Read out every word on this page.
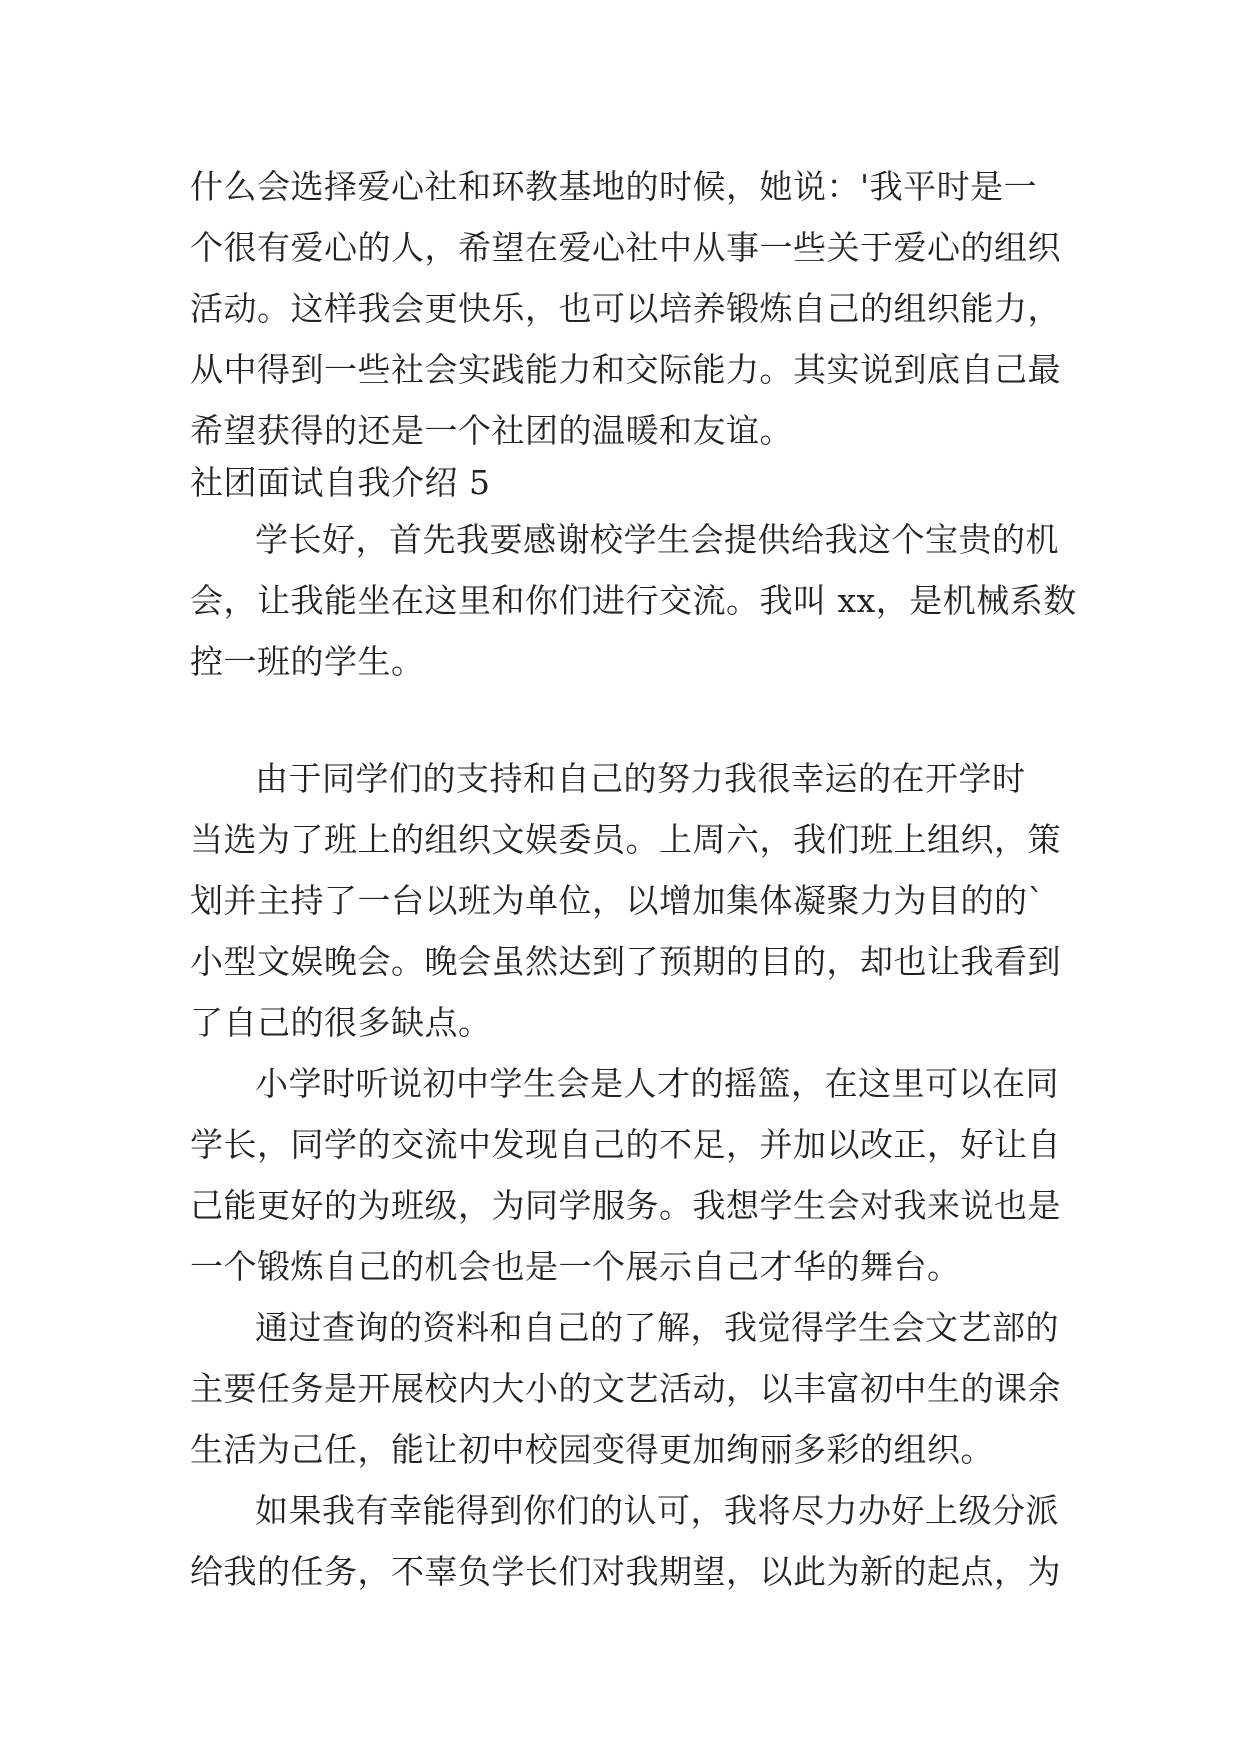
什么会选择爱心社和环教基地的时候，她说：'我平时是一
个很有爱心的人，希望在爱心社中从事一些关于爱心的组织
活动。这样我会更快乐，也可以培养锻炼自己的组织能力，
从中得到一些社会实践能力和交际能力。其实说到底自己最
希望获得的还是一个社团的温暖和友谊。
社团面试自我介绍 5
学长好，首先我要感谢校学生会提供给我这个宝贵的机
会，让我能坐在这里和你们进行交流。我叫 xx，是机械系数
控一班的学生。
由于同学们的支持和自己的努力我很幸运的在开学时
当选为了班上的组织文娱委员。上周六，我们班上组织，策
划并主持了一台以班为单位，以增加集体凝聚力为目的的`
小型文娱晚会。晚会虽然达到了预期的目的，却也让我看到
了自己的很多缺点。
小学时听说初中学生会是人才的摇篮，在这里可以在同
学长，同学的交流中发现自己的不足，并加以改正，好让自
己能更好的为班级，为同学服务。我想学生会对我来说也是
一个锻炼自己的机会也是一个展示自己才华的舞台。
通过查询的资料和自己的了解，我觉得学生会文艺部的
主要任务是开展校内大小的文艺活动，以丰富初中生的课余
生活为己任，能让初中校园变得更加绚丽多彩的组织。
如果我有幸能得到你们的认可，我将尽力办好上级分派
给我的任务，不辜负学长们对我期望，以此为新的起点，为
